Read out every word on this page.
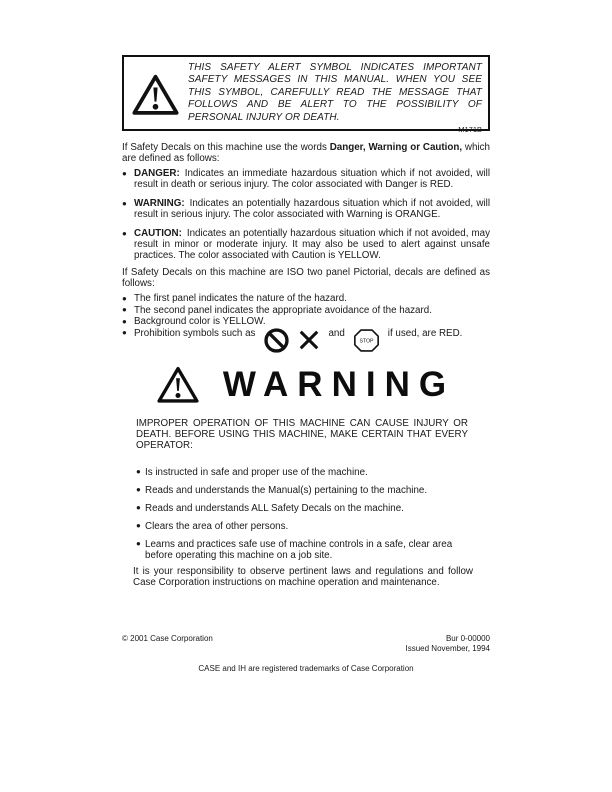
THIS SAFETY ALERT SYMBOL INDICATES IMPORTANT SAFETY MESSAGES IN THIS MANUAL. WHEN YOU SEE THIS SYMBOL, CAREFULLY READ THE MESSAGE THAT FOLLOWS AND BE ALERT TO THE POSSIBILITY OF PERSONAL INJURY OR DEATH.

M171B

If Safety Decals on this machine use the words Danger, Warning or Caution, which are defined as follows:

● DANGER: Indicates an immediate hazardous situation which if not avoided, will result in death or serious injury. The color associated with Danger is RED.
● WARNING: Indicates an potentially hazardous situation which if not avoided, will result in serious injury. The color associated with Warning is ORANGE.
● CAUTION: Indicates an potentially hazardous situation which if not avoided, may result in minor or moderate injury. It may also be used to alert against unsafe practices. The color associated with Caution is YELLOW.

If Safety Decals on this machine are ISO two panel Pictorial, decals are defined as follows:

● The first panel indicates the nature of the hazard.
● The second panel indicates the appropriate avoidance of the hazard.
● Background color is YELLOW.
● Prohibition symbols such as	and
STOP
if used, are RED.
WARNING

IMPROPER OPERATION OF THIS MACHINE CAN CAUSE INJURY OR DEATH. BEFORE USING THIS MACHINE, MAKE CERTAIN THAT EVERY OPERATOR:

● Is instructed in safe and proper use of the machine.
● Reads and understands the Manual(s) pertaining to the machine.
● Reads and understands ALL Safety Decals on the machine.
● Clears the area of other persons.
● Learns and practices safe use of machine controls in a safe, clear area before operating this machine on a job site.

It is your responsibility to observe pertinent laws and regulations and follow Case Corporation instructions on machine operation and maintenance.

© 2001 Case Corporation	Bur 0-00000
Issued November, 1994
CASE and IH are registered trademarks of Case Corporation
